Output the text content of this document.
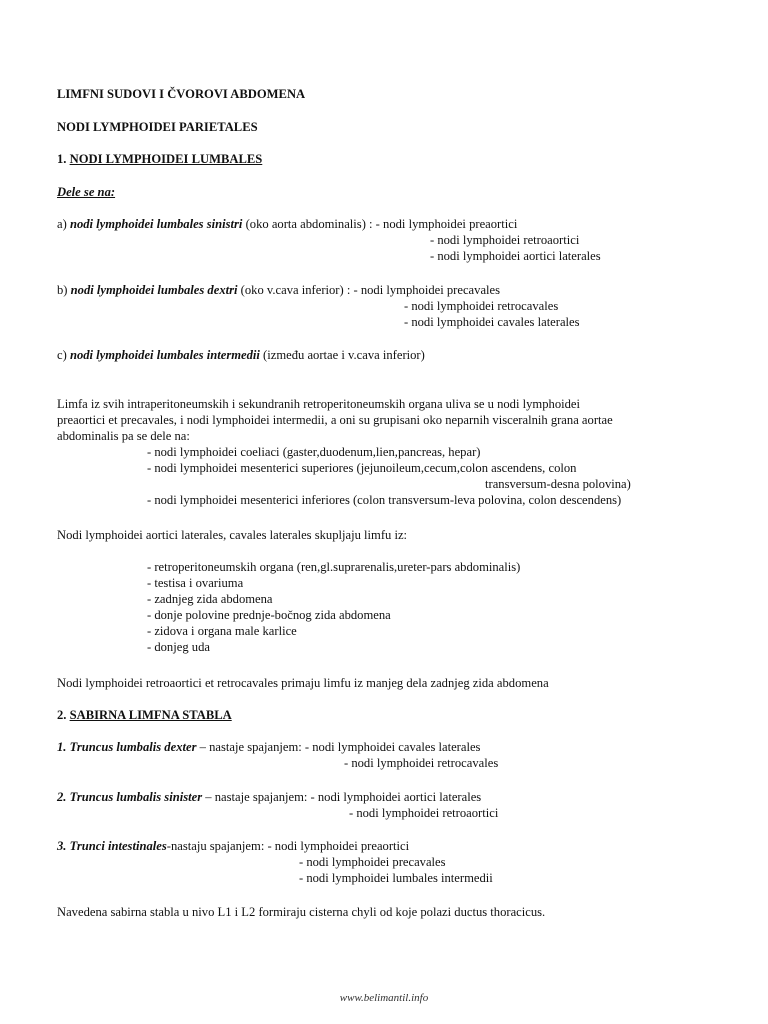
LIMFNI SUDOVI I ČVOROVI ABDOMENA
NODI LYMPHOIDEI PARIETALES
1. NODI LYMPHOIDEI LUMBALES
Dele se na:
a) nodi lymphoidei lumbales sinistri (oko aorta abdominalis) : - nodi lymphoidei preaortici
- nodi lymphoidei retroaortici
- nodi lymphoidei aortici laterales
b) nodi lymphoidei lumbales dextri (oko v.cava inferior) : - nodi lymphoidei precavales
- nodi lymphoidei retrocavales
- nodi lymphoidei cavales laterales
c) nodi lymphoidei lumbales intermedii (između aortae i v.cava inferior)
Limfa iz svih intraperitoneumskih i sekundranih retroperitoneumskih organa uliva se u nodi lymphoidei
preaortici et precavales, i nodi lymphoidei intermedii, a oni su grupisani oko neparnih visceralnih grana aortae
abdominalis pa se dele na:
- nodi lymphoidei coeliaci (gaster,duodenum,lien,pancreas, hepar)
- nodi lymphoidei mesenterici superiores (jejunoileum,cecum,colon ascendens, colon
transversum-desna polovina)
- nodi lymphoidei mesenterici inferiores (colon transversum-leva polovina, colon descendens)
Nodi lymphoidei aortici laterales, cavales laterales skupljaju limfu iz:
- retroperitoneumskih organa (ren,gl.suprarenalis,ureter-pars abdominalis)
- testisa i ovariuma
- zadnjeg zida abdomena
- donje polovine prednje-bočnog zida abdomena
- zidova i organa male karlice
- donjeg uda
Nodi lymphoidei retroaortici et retrocavales primaju limfu iz manjeg dela zadnjeg zida abdomena
2. SABIRNA LIMFNA STABLA
1. Truncus lumbalis dexter – nastaje spajanjem: - nodi lymphoidei cavales laterales
- nodi lymphoidei retrocavales
2. Truncus lumbalis sinister – nastaje spajanjem: - nodi lymphoidei aortici laterales
- nodi lymphoidei retroaortici
3. Trunci intestinales-nastaju spajanjem: - nodi lymphoidei preaortici
- nodi lymphoidei precavales
- nodi lymphoidei lumbales intermedii
Navedena sabirna stabla u nivo L1 i L2 formiraju cisterna chyli od koje polazi ductus thoracicus.
www.belimantil.info
